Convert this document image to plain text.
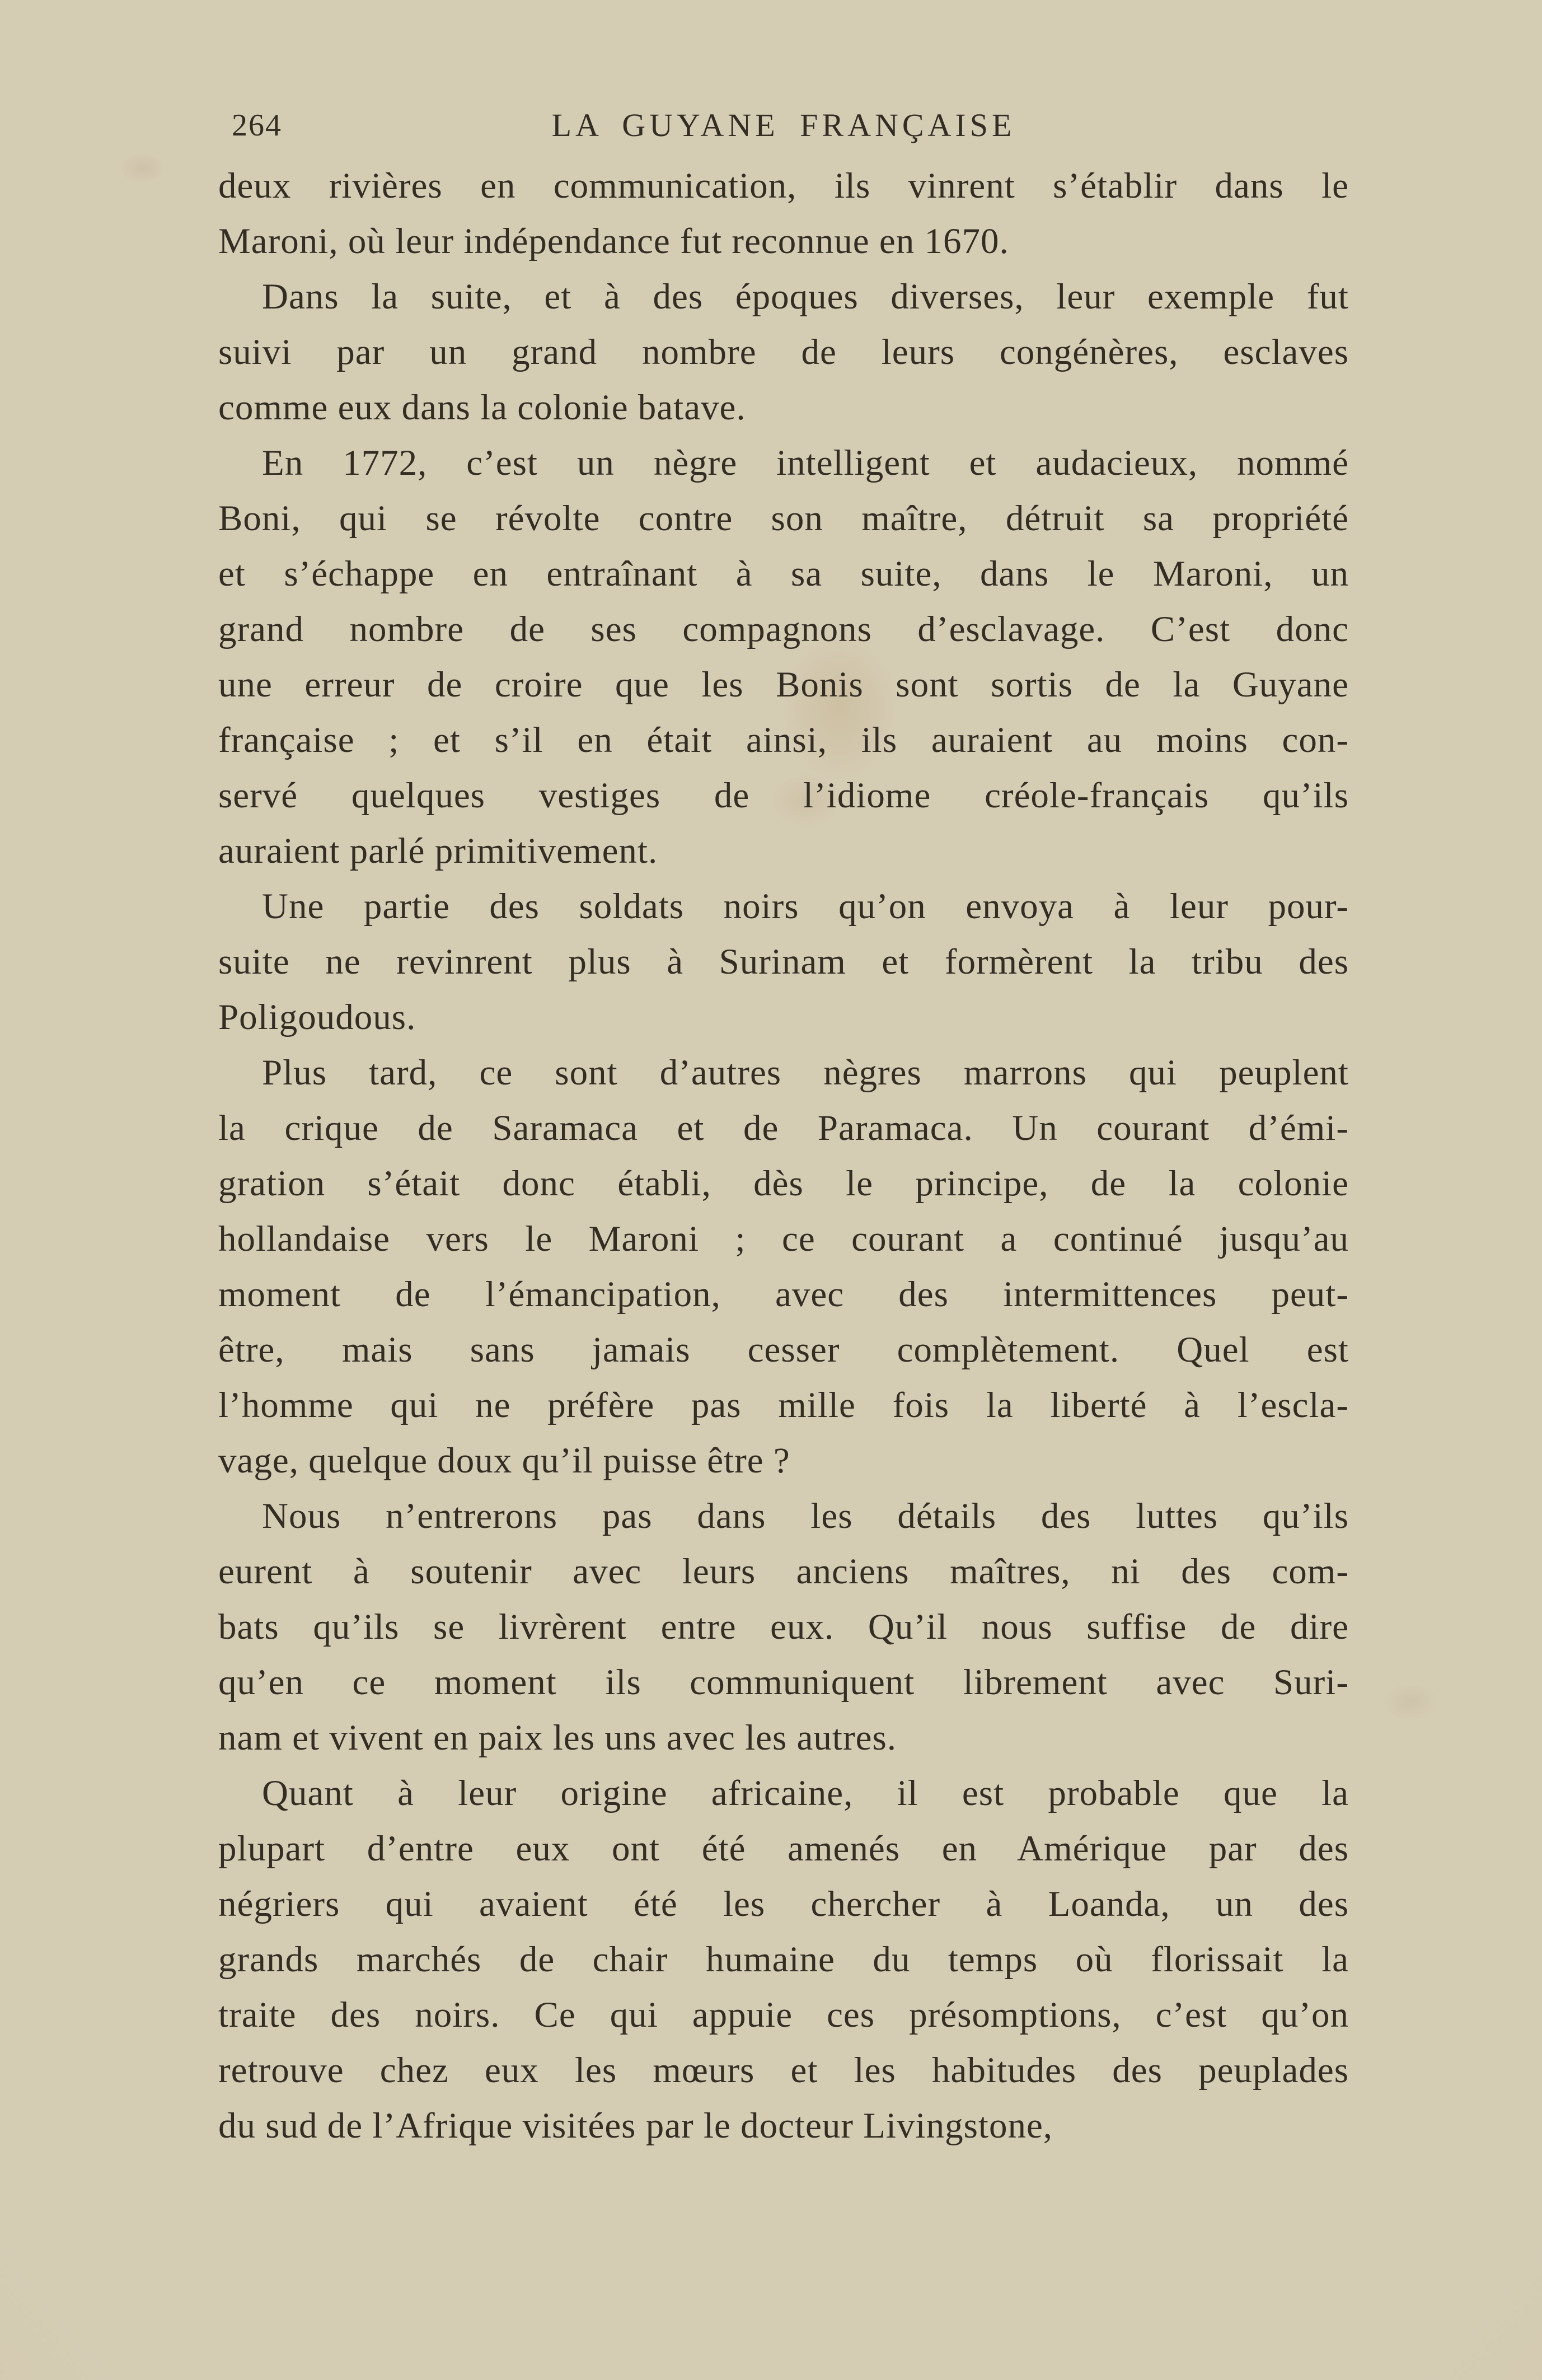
264	LA GUYANE FRANÇAISE
deux rivières en communication, ils vinrent s’établir dans le
Maroni, où leur indépendance fut reconnue en 1670.
Dans la suite, et à des époques diverses, leur exemple fut
suivi par un grand nombre de leurs congénères, esclaves
comme eux dans la colonie batave.
En 1772, c’est un nègre intelligent et audacieux, nommé
Boni, qui se révolte contre son maître, détruit sa propriété
et s’échappe en entraînant à sa suite, dans le Maroni, un
grand nombre de ses compagnons d’esclavage. C’est donc
une erreur de croire que les Bonis sont sortis de la Guyane
française ; et s’il en était ainsi, ils auraient au moins con-
servé quelques vestiges de l’idiome créole-français qu’ils
auraient parlé primitivement.
Une partie des soldats noirs qu’on envoya à leur pour-
suite ne revinrent plus à Surinam et formèrent la tribu des
Poligoudous.
Plus tard, ce sont d’autres nègres marrons qui peuplent
la crique de Saramaca et de Paramaca. Un courant d’émi-
gration s’était donc établi, dès le principe, de la colonie
hollandaise vers le Maroni ; ce courant a continué jusqu’au
moment de l’émancipation, avec des intermittences peut-
être, mais sans jamais cesser complètement. Quel est
l’homme qui ne préfère pas mille fois la liberté à l’escla-
vage, quelque doux qu’il puisse être ?
Nous n’entrerons pas dans les détails des luttes qu’ils
eurent à soutenir avec leurs anciens maîtres, ni des com-
bats qu’ils se livrèrent entre eux. Qu’il nous suffise de dire
qu’en ce moment ils communiquent librement avec Suri-
nam et vivent en paix les uns avec les autres.
Quant à leur origine africaine, il est probable que la
plupart d’entre eux ont été amenés en Amérique par des
négriers qui avaient été les chercher à Loanda, un des
grands marchés de chair humaine du temps où florissait la
traite des noirs. Ce qui appuie ces présomptions, c’est qu’on
retrouve chez eux les mœurs et les habitudes des peuplades
du sud de l’Afrique visitées par le docteur Livingstone,
